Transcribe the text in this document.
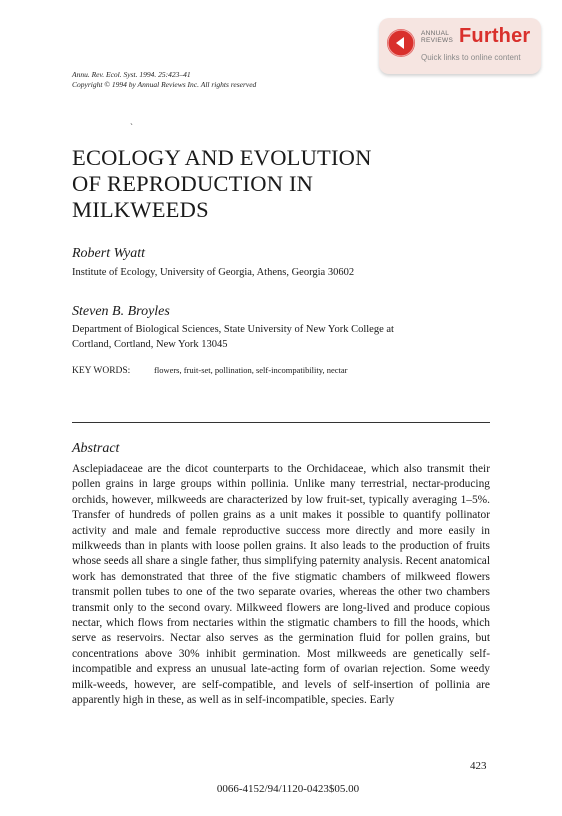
ANNUAL REVIEWS Further
Quick links to online content
Annu. Rev. Ecol. Syst. 1994. 25:423–41
Copyright © 1994 by Annual Reviews Inc. All rights reserved
`
ECOLOGY AND EVOLUTION
OF REPRODUCTION IN
MILKWEEDS
Robert Wyatt
Institute of Ecology, University of Georgia, Athens, Georgia 30602
Steven B. Broyles
Department of Biological Sciences, State University of New York College at
Cortland, Cortland, New York 13045
KEY WORDS:	flowers, fruit-set, pollination, self-incompatibility, nectar
Abstract

Asclepiadaceae are the dicot counterparts to the Orchidaceae, which also transmit their pollen grains in large groups within pollinia. Unlike many terrestrial, nectar-producing orchids, however, milkweeds are characterized by low fruit-set, typically averaging 1–5%. Transfer of hundreds of pollen grains as a unit makes it possible to quantify pollinator activity and male and female reproductive success more directly and more easily in milkweeds than in plants with loose pollen grains. It also leads to the production of fruits whose seeds all share a single father, thus simplifying paternity analysis. Recent anatomical work has demonstrated that three of the five stigmatic chambers of milkweed flowers transmit pollen tubes to one of the two separate ovaries, whereas the other two chambers transmit only to the second ovary. Milkweed flowers are long-lived and produce copious nectar, which flows from nectaries within the stigmatic chambers to fill the hoods, which serve as reservoirs. Nectar also serves as the germination fluid for pollen grains, but concentrations above 30% inhibit germination. Most milkweeds are genetically self-incompatible and express an unusual late-acting form of ovarian rejection. Some weedy milk-weeds, however, are self-compatible, and levels of self-insertion of pollinia are apparently high in these, as well as in self-incompatible, species. Early

423
0066-4152/94/1120-0423$05.00
